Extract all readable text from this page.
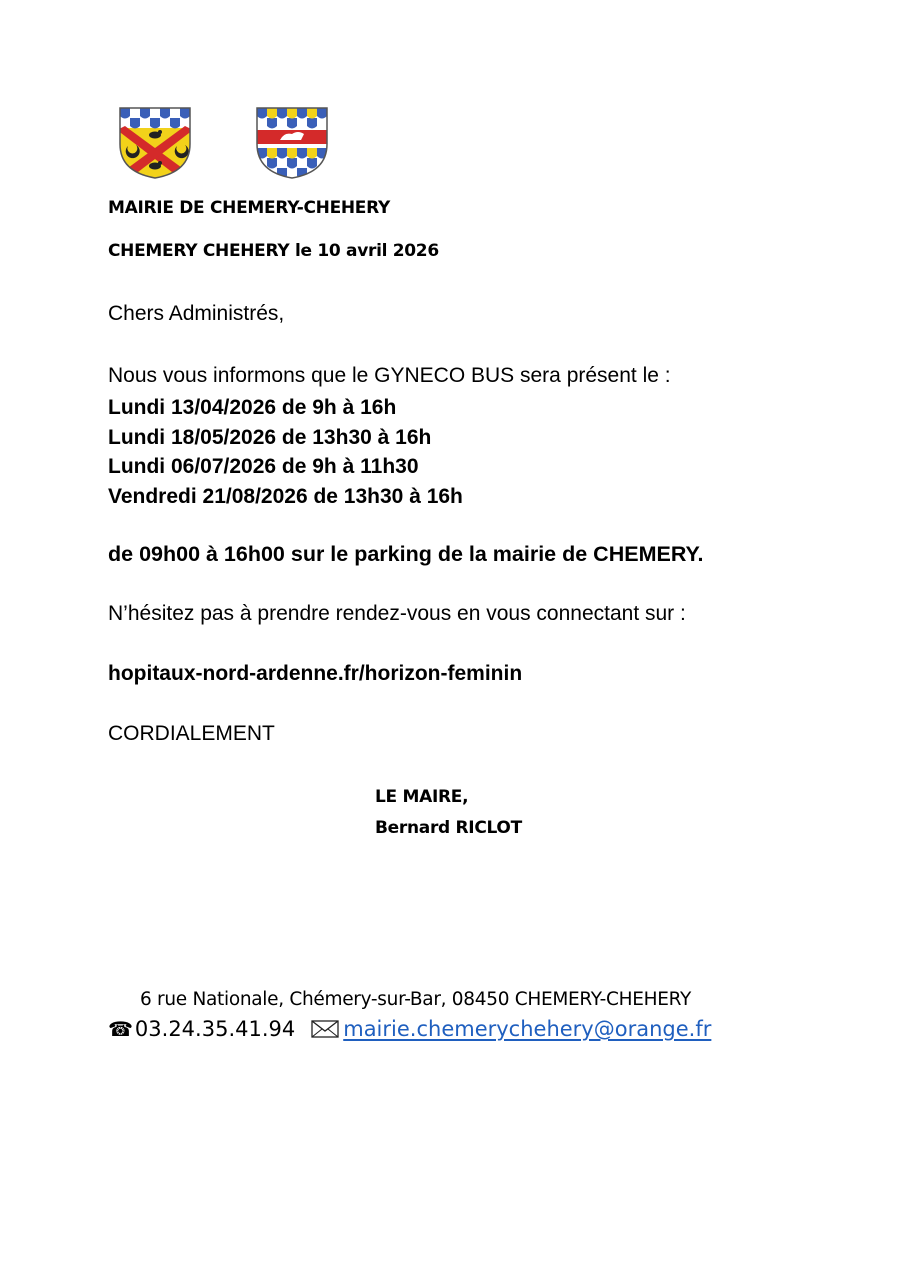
MAIRIE DE CHEMERY-CHEHERY
CHEMERY CHEHERY le 10 avril 2026
Chers Administrés,
Nous vous informons que le GYNECO BUS sera présent le :
Lundi 13/04/2026 de 9h à 16h
Lundi 18/05/2026 de 13h30 à 16h
Lundi 06/07/2026 de 9h à 11h30
Vendredi 21/08/2026 de 13h30 à 16h
de 09h00 à 16h00 sur le parking de la mairie de CHEMERY.
N’hésitez pas à prendre rendez-vous en vous connectant sur :
hopitaux-nord-ardenne.fr/horizon-feminin
CORDIALEMENT
LE MAIRE,
Bernard RICLOT
6 rue Nationale, Chémery-sur-Bar, 08450 CHEMERY-CHEHERY
☎ 03.24.35.41.94 mairie.chemerychehery@orange.fr
